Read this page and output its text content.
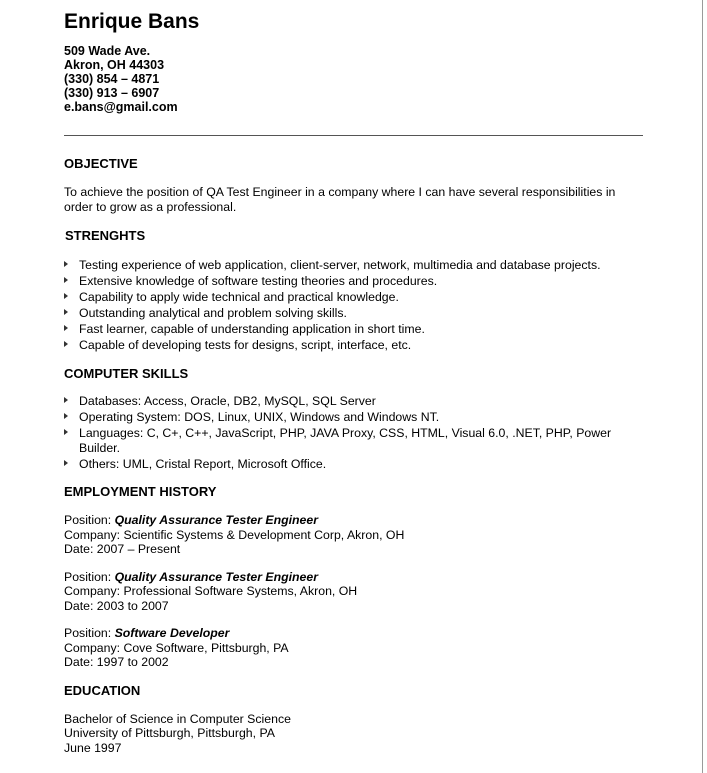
Enrique Bans
509 Wade Ave.
Akron, OH 44303
(330) 854 – 4871
(330) 913 – 6907
e.bans@gmail.com
OBJECTIVE

To achieve the position of QA Test Engineer in a company where I can have several responsibilities in order to grow as a professional.

STRENGHTS
Testing experience of web application, client-server, network, multimedia and database projects.
Extensive knowledge of software testing theories and procedures.
Capability to apply wide technical and practical knowledge.
Outstanding analytical and problem solving skills.
Fast learner, capable of understanding application in short time.
Capable of developing tests for designs, script, interface, etc.
COMPUTER SKILLS
Databases: Access, Oracle, DB2, MySQL, SQL Server
Operating System: DOS, Linux, UNIX, Windows and Windows NT.
Languages: C, C+, C++, JavaScript, PHP, JAVA Proxy, CSS, HTML, Visual 6.0, .NET, PHP, Power Builder.
Others: UML, Cristal Report, Microsoft Office.
EMPLOYMENT HISTORY
Position: Quality Assurance Tester Engineer
Company: Scientific Systems & Development Corp, Akron, OH
Date: 2007 – Present
Position: Quality Assurance Tester Engineer
Company: Professional Software Systems, Akron, OH
Date: 2003 to 2007
Position: Software Developer
Company: Cove Software, Pittsburgh, PA
Date: 1997 to 2002
EDUCATION
Bachelor of Science in Computer Science
University of Pittsburgh, Pittsburgh, PA
June 1997
